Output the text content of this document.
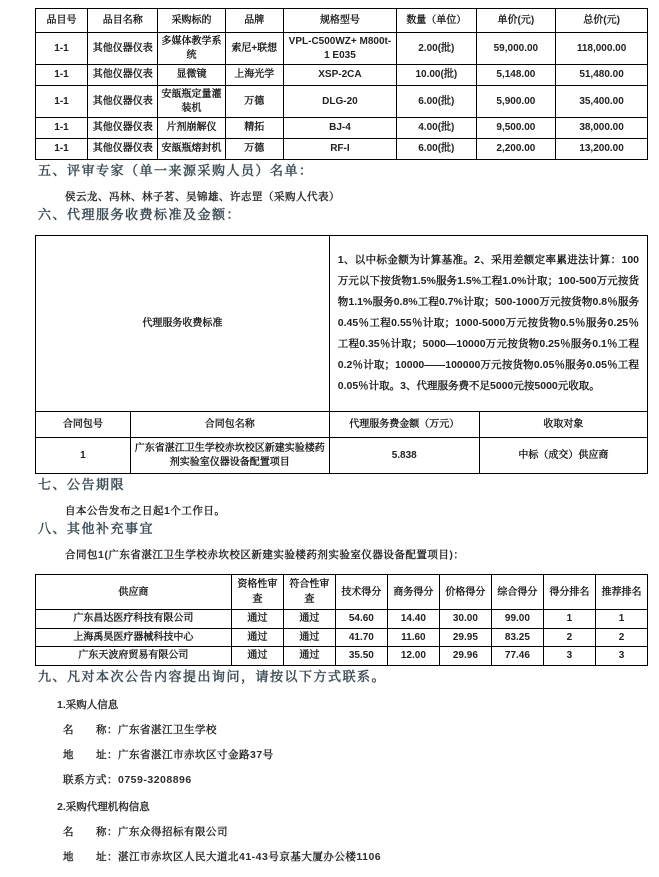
品目号	品目名称	采购标的	品牌	规格型号	数量（单位）	单价(元)	总价(元)
1-1	其他仪器仪表	多媒体教学系统	索尼+联想	VPL-C500WZ+ M800t-1 E035	2.00(批)	59,000.00	118,000.00
1-1	其他仪器仪表	显微镜	上海光学	XSP-2CA	10.00(批)	5,148.00	51,480.00
1-1	其他仪器仪表	安瓿瓶定量灌装机	万德	DLG-20	6.00(批)	5,900.00	35,400.00
1-1	其他仪器仪表	片剂崩解仪	精拓	BJ-4	4.00(批)	9,500.00	38,000.00
1-1	其他仪器仪表	安瓿瓶熔封机	万德	RF-I	6.00(批)	2,200.00	13,200.00
五、评审专家（单一来源采购人员）名单：

侯云龙、冯林、林子茗、吴锦雄、许志罡（采购人代表）

六、代理服务收费标准及金额：
代理服务收费标准		1、以中标金额为计算基准。2、采用差额定率累进法计算：100万元以下按货物1.5%服务1.5%工程1.0%计取；100-500万元按货物1.1%服务0.8%工程0.7%计取；500-1000万元按货物0.8％服务0.45％工程0.55％计取；1000-5000万元按货物0.5％服务0.25％工程0.35％计取；5000—10000万元按货物0.25％服务0.1％工程0.2％计取；10000——100000万元按货物0.05％服务0.05％工程0.05％计取。3、代理服务费不足5000元按5000元收取。	
合同包号	合同包名称	代理服务费金额（万元）	收取对象
1	广东省湛江卫生学校赤坎校区新建实验楼药剂实验室仪器设备配置项目	5.838	中标（成交）供应商
七、公告期限

自本公告发布之日起1个工作日。

八、其他补充事宜

合同包1(广东省湛江卫生学校赤坎校区新建实验楼药剂实验室仪器设备配置项目)：

供应商	资格性审查	符合性审查	技术得分	商务得分	价格得分	综合得分	得分排名	推荐排名
广东昌达医疗科技有限公司	通过	通过	54.60	14.40	30.00	99.00	1	1
上海禹昊医疗器械科技中心	通过	通过	41.70	11.60	29.95	83.25	2	2
广东天波府贸易有限公司	通过	通过	35.50	12.00	29.96	77.46	3	3
九、凡对本次公告内容提出询问，请按以下方式联系。
1.采购人信息

名　　称：广东省湛江卫生学校

地　　址：广东省湛江市赤坎区寸金路37号

联系方式：0759-3208896

2.采购代理机构信息

名　　称：广东众得招标有限公司

地　　址：湛江市赤坎区人民大道北41-43号京基大厦办公楼1106
